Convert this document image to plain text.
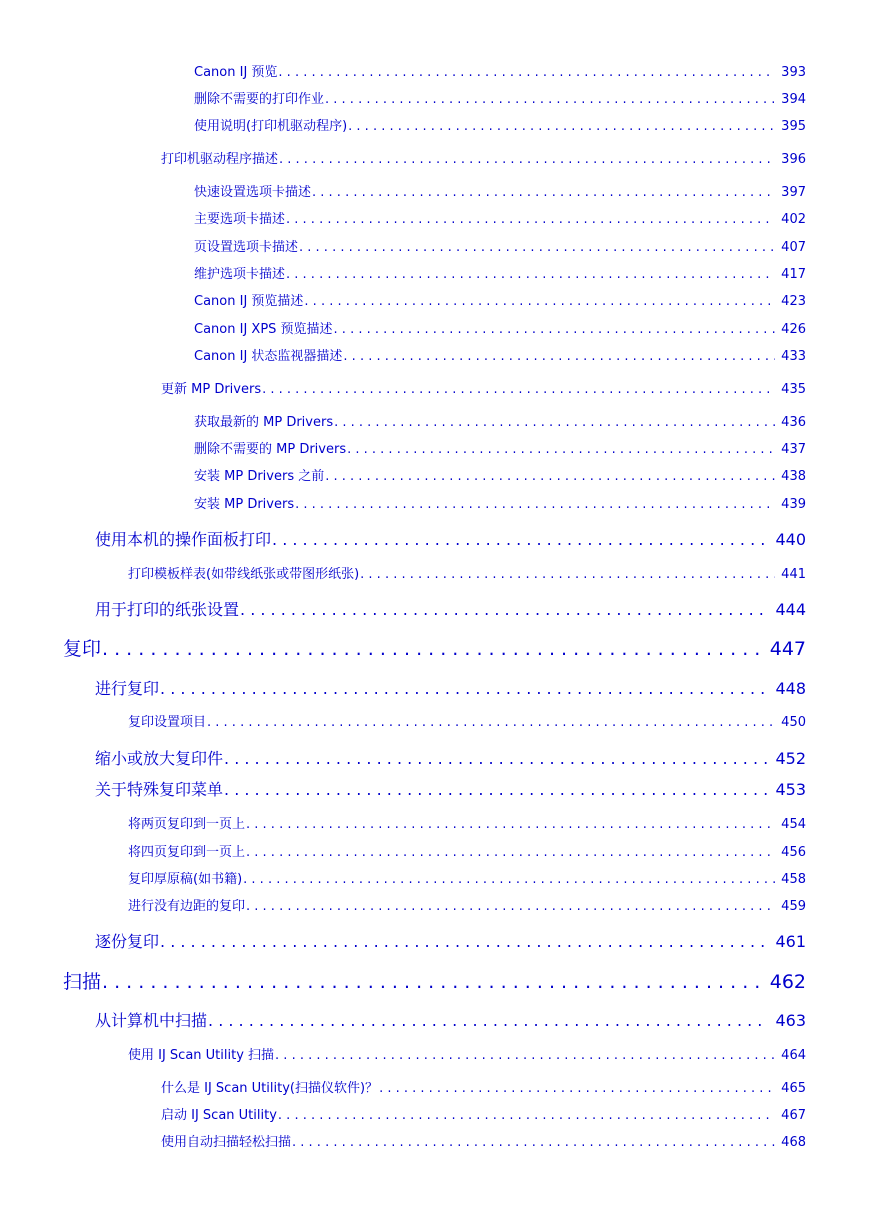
Canon IJ 预览 . . .	393
删除不需要的打印作业 . . .	394
使用说明(打印机驱动程序) . . .	395
打印机驱动程序描述 . . .	396
快速设置选项卡描述 . . .	397
主要选项卡描述 . . .	402
页设置选项卡描述 . . .	407
维护选项卡描述 . . .	417
Canon IJ 预览描述 . . .	423
Canon IJ XPS 预览描述 . . .	426
Canon IJ 状态监视器描述 . . .	433
更新 MP Drivers . . .	435
获取最新的 MP Drivers . . .	436
删除不需要的 MP Drivers . . .	437
安装 MP Drivers 之前 . . .	438
安装 MP Drivers . . .	439
使用本机的操作面板打印 . . .	440
打印模板样表(如带线纸张或带图形纸张) . . .	441
用于打印的纸张设置 . . .	444
复印 . . .	447
进行复印 . . .	448
复印设置项目 . . .	450
缩小或放大复印件 . . .	452
关于特殊复印菜单 . . .	453
将两页复印到一页上 . . .	454
将四页复印到一页上 . . .	456
复印厚原稿(如书籍) . . .	458
进行没有边距的复印 . . .	459
逐份复印 . . .	461
扫描 . . .	462
从计算机中扫描 . . .	463
使用 IJ Scan Utility 扫描 . . .	464
什么是 IJ Scan Utility(扫描仪软件)？ . . .	465
启动 IJ Scan Utility . . .	467
使用自动扫描轻松扫描 . . .	468
